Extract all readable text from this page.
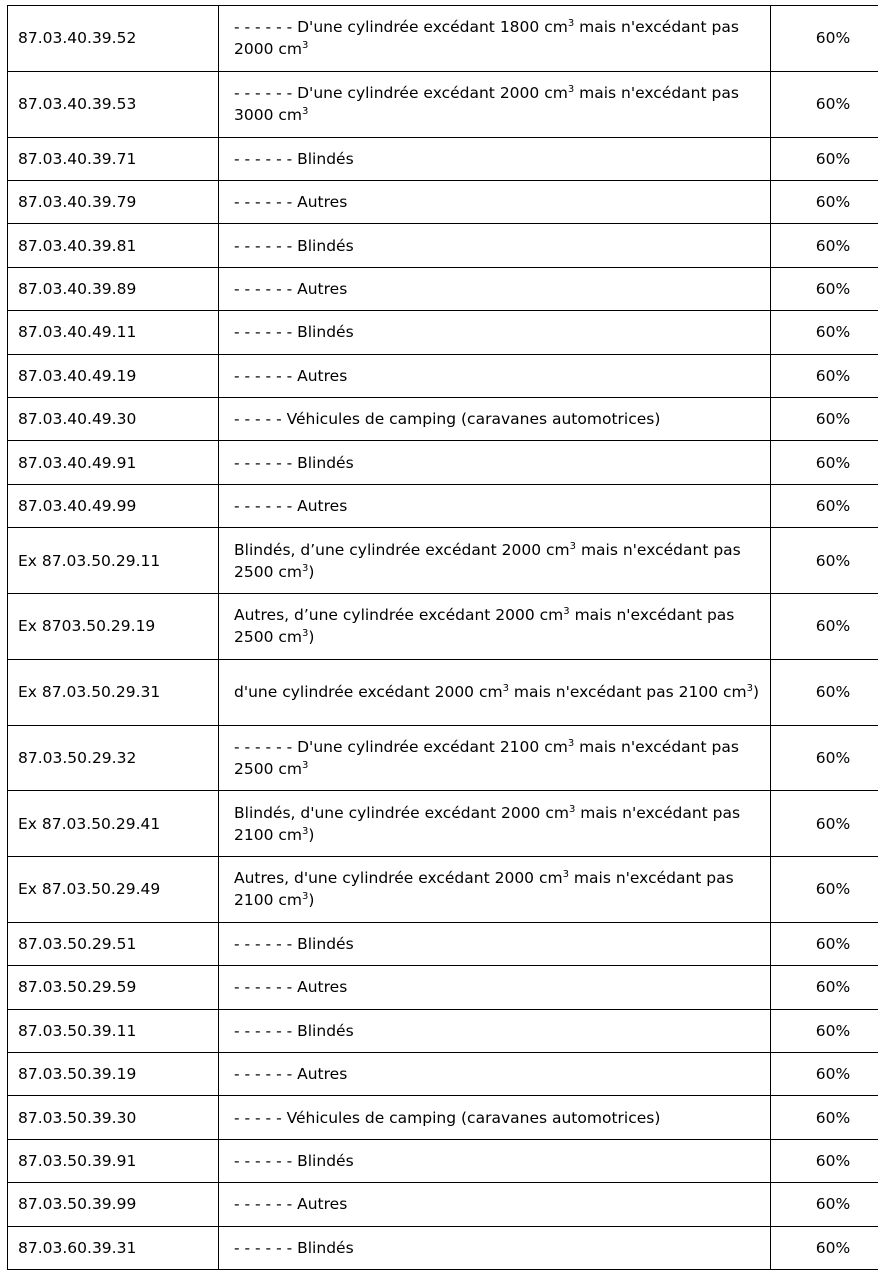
87.03.40.39.52	- - - - - - D'une cylindrée excédant 1800 $cm^3$ mais n'excédant pas 2000 $cm^3$	60%
87.03.40.39.53	- - - - - - D'une cylindrée excédant 2000 $cm^3$ mais n'excédant pas 3000 $cm^3$	60%
87.03.40.39.71	- - - - - - Blindés	60%
87.03.40.39.79	- - - - - - Autres	60%
87.03.40.39.81	- - - - - - Blindés	60%
87.03.40.39.89	- - - - - - Autres	60%
87.03.40.49.11	- - - - - - Blindés	60%
87.03.40.49.19	- - - - - - Autres	60%
87.03.40.49.30	- - - - - Véhicules de camping (caravanes automotrices)	60%
87.03.40.49.91	- - - - - - Blindés	60%
87.03.40.49.99	- - - - - - Autres	60%
Ex 87.03.50.29.11	Blindés, d’une cylindrée excédant 2000 $cm^3$ mais n'excédant pas 2500 $cm^3$)	60%
Ex 8703.50.29.19	Autres, d’une cylindrée excédant 2000 $cm^3$ mais n'excédant pas 2500 $cm^3$)	60%
Ex 87.03.50.29.31	d'une cylindrée excédant 2000 $cm^3$ mais n'excédant pas 2100 $cm^3$)	60%
87.03.50.29.32	- - - - - - D'une cylindrée excédant 2100 $cm^3$ mais n'excédant pas 2500 $cm^3$	60%
Ex 87.03.50.29.41	Blindés, d'une cylindrée excédant 2000 $cm^3$ mais n'excédant pas 2100 $cm^3$)	60%
Ex 87.03.50.29.49	Autres, d'une cylindrée excédant 2000 $cm^3$ mais n'excédant pas 2100 $cm^3$)	60%
87.03.50.29.51	- - - - - - Blindés	60%
87.03.50.29.59	- - - - - - Autres	60%
87.03.50.39.11	- - - - - - Blindés	60%
87.03.50.39.19	- - - - - - Autres	60%
87.03.50.39.30	- - - - - Véhicules de camping (caravanes automotrices)	60%
87.03.50.39.91	- - - - - - Blindés	60%
87.03.50.39.99	- - - - - - Autres	60%
87.03.60.39.31	- - - - - - Blindés	60%
